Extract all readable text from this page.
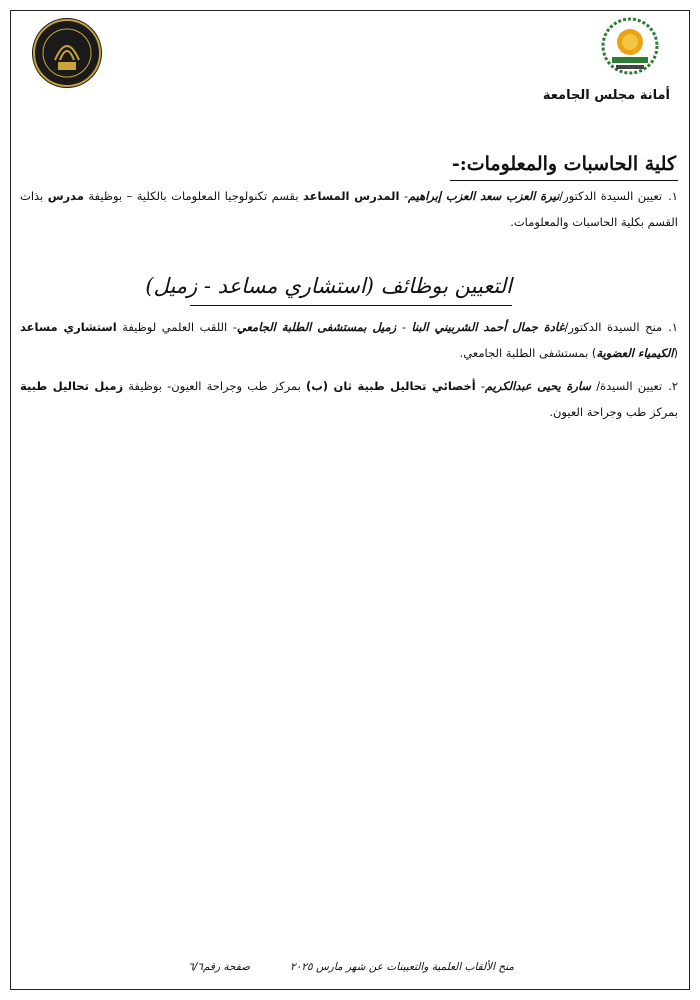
أمانة مجلس الجامعة
كلية الحاسبات والمعلومات:-
١.تعيين السيدة الدكتور/نيرة العزب سعد العزب إبراهيم- المدرس المساعد بقسم تكنولوجيا المعلومات بالكلية – بوظيفة مدرس بذات القسم بكلية الحاسبات والمعلومات.
التعيين بوظائف (استشاري مساعد - زميل)
١.منح السيدة الدكتور/غادة جمال أحمد الشربيني البنا - زميل بمستشفى الطلبة الجامعي- اللقب العلمي لوظيفة استشاري مساعد (الكيمياء العضوية) بمستشفى الطلبة الجامعي.
٢.تعيين السيدة/ سارة يحيى عبدالكريم- أخصائي تحاليل طبية ثان (ب) بمركز طب وجراحة العيون- بوظيفة زميل تحاليل طبية بمركز طب وجراحة العيون.
منح الألقاب العلمية والتعيينات عن شهر مارس ٢٠٢٥
صفحة رقم٦/٦
